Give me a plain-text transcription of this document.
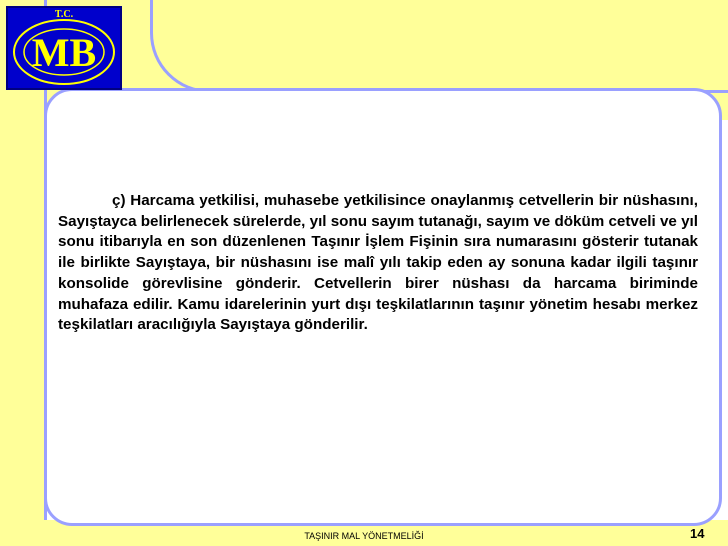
MB
T.C.
ç) Harcama yetkilisi, muhasebe yetkilisince onaylanmış cetvellerin bir nüshasını, Sayıştayca belirlenecek sürelerde, yıl sonu sayım tutanağı, sayım ve döküm cetveli ve yıl sonu itibarıyla en son düzenlenen Taşınır İşlem Fişinin sıra numarasını gösterir tutanak ile birlikte Sayıştaya, bir nüshasını ise malî yılı takip eden ay sonuna kadar ilgili taşınır konsolide görevlisine gönderir. Cetvellerin birer nüshası da harcama biriminde muhafaza edilir. Kamu idarelerinin yurt dışı teşkilatlarının taşınır yönetim hesabı merkez teşkilatları aracılığıyla Sayıştaya gönderilir.
TAŞINIR MAL YÖNETMELİĞİ	14
